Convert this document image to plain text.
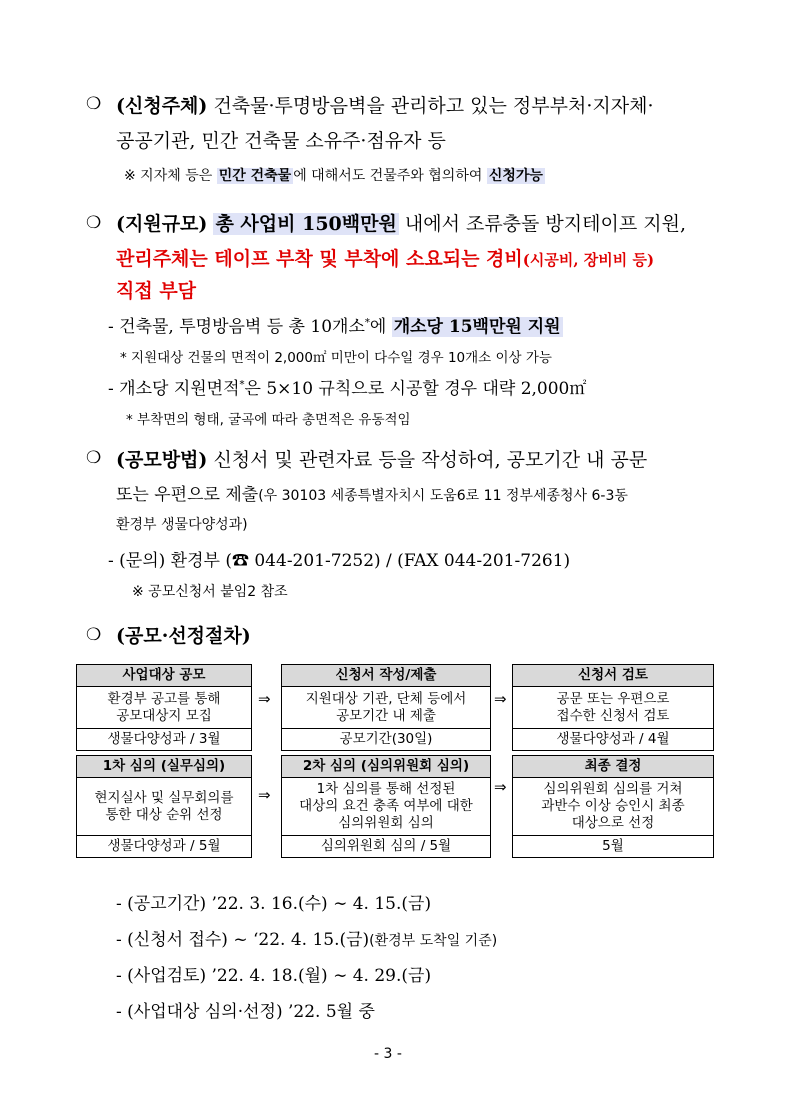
❍ (신청주체) 건축물·투명방음벽을 관리하고 있는 정부부처·지자체·
공공기관, 민간 건축물 소유주·점유자 등
※ 지자체 등은 민간 건축물 에 대해서도 건물주와 협의하여 신청가능
❍ (지원규모) 총 사업비 150백만원 내에서 조류충돌 방지테이프 지원,
관리주체는 테이프 부착 및 부착에 소요되는 경비(시공비, 장비비 등)
직접 부담
- 건축물, 투명방음벽 등 총 10개소*에 개소당 15백만원 지원
* 지원대상 건물의 면적이 2,000㎡ 미만이 다수일 경우 10개소 이상 가능
- 개소당 지원면적*은 5×10 규칙으로 시공할 경우 대략 2,000㎡
* 부착면의 형태, 굴곡에 따라 총면적은 유동적임
❍ (공모방법) 신청서 및 관련자료 등을 작성하여, 공모기간 내 공문
또는 우편으로 제출(우 30103 세종특별자치시 도움6로 11 정부세종청사 6-3동
환경부 생물다양성과)
- (문의) 환경부 (☎ 044-201-7252) / (FAX 044-201-7261)
※ 공모신청서 붙임2 참조
❍ (공모·선정절차)
사업대상 공모
환경부 공고를 통해
공모대상지 모집
생물다양성과 / 3월
⇒
신청서 작성/제출
지원대상 기관, 단체 등에서
공모기간 내 제출
공모기간(30일)
⇒
신청서 검토
공문 또는 우편으로
접수한 신청서 검토
생물다양성과 / 4월
1차 심의 (실무심의)
현지실사 및 실무회의를
통한 대상 순위 선정
생물다양성과 / 5월
⇒
2차 심의 (심의위원회 심의)
1차 심의를 통해 선정된
대상의 요건 충족 여부에 대한
심의위원회 심의
심의위원회 심의 / 5월
⇒
최종 결정
심의위원회 심의를 거쳐
과반수 이상 승인시 최종
대상으로 선정
5월
- (공고기간) ’22. 3. 16.(수) ∼ 4. 15.(금)
- (신청서 접수) ~ ‘22. 4. 15.(금)(환경부 도착일 기준)
- (사업검토) ’22. 4. 18.(월) ∼ 4. 29.(금)
- (사업대상 심의·선정) ’22. 5월 중
- 3 -
